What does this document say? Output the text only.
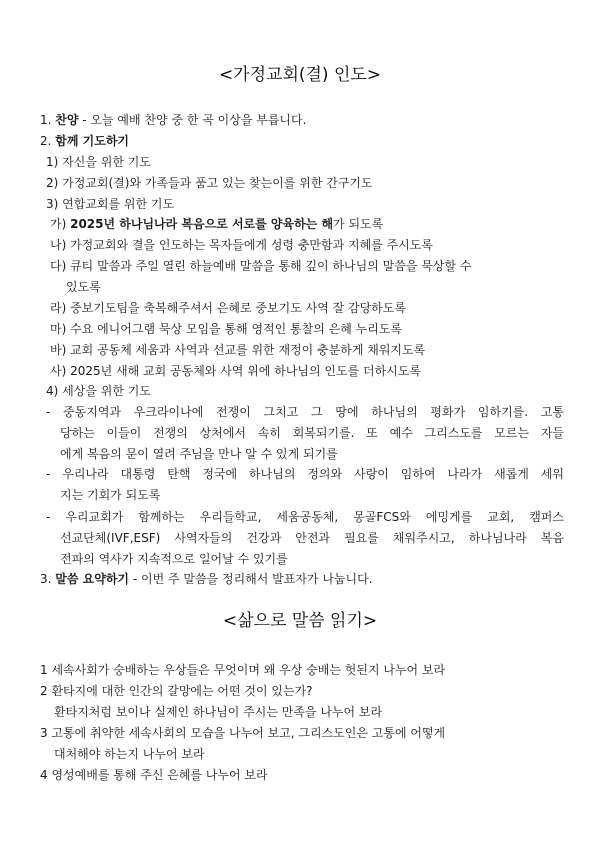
<가정교회(결) 인도>
1. 찬양 - 오늘 예배 찬양 중 한 곡 이상을 부릅니다.
2. 함께 기도하기
1) 자신을 위한 기도
2) 가정교회(결)와 가족들과 품고 있는 찾는이를 위한 간구기도
3) 연합교회를 위한 기도
가) 2025년 하나님나라 복음으로 서로를 양육하는 해가 되도록
나) 가정교회와 결을 인도하는 목자들에게 성령 충만함과 지혜를 주시도록
다) 큐티 말씀과 주일 열린 하늘예배 말씀을 통해 깊이 하나님의 말씀을 묵상할 수
있도록
라) 중보기도팀을 축복해주셔서 은혜로 중보기도 사역 잘 감당하도록
마) 수요 에니어그램 묵상 모임을 통해 영적인 통찰의 은혜 누리도록
바) 교회 공동체 세움과 사역과 선교를 위한 재정이 충분하게 채워지도록
사) 2025년 새해 교회 공동체와 사역 위에 하나님의 인도를 더하시도록
4) 세상을 위한 기도
- 중동지역과 우크라이나에 전쟁이 그치고 그 땅에 하나님의 평화가 임하기를. 고통
당하는 이들이 전쟁의 상처에서 속히 회복되기를. 또 예수 그리스도를 모르는 자들
에게 복음의 문이 열려 주님을 만나 알 수 있게 되기를
- 우리나라 대통령 탄핵 정국에 하나님의 정의와 사랑이 임하여 나라가 새롭게 세워
지는 기회가 되도록
- 우리교회가 함께하는 우리들학교, 세움공동체, 몽골FCS와 에밍게를 교회, 캠퍼스
선교단체(IVF,ESF) 사역자들의 건강과 안전과 필요를 채워주시고, 하나님나라 복음
전파의 역사가 지속적으로 일어날 수 있기를
3. 말씀 요약하기 - 이번 주 말씀을 정리해서 발표자가 나눕니다.
<삶으로 말씀 읽기>
1 세속사회가 숭배하는 우상들은 무엇이며 왜 우상 숭배는 헛된지 나누어 보라
2 환타지에 대한 인간의 갈망에는 어떤 것이 있는가?
환타지처럼 보이나 실제인 하나님이 주시는 만족을 나누어 보라
3 고통에 취약한 세속사회의 모습을 나누어 보고, 그리스도인은 고통에 어떻게
대처해야 하는지 나누어 보라
4 영성예배를 통해 주신 은혜를 나누어 보라
